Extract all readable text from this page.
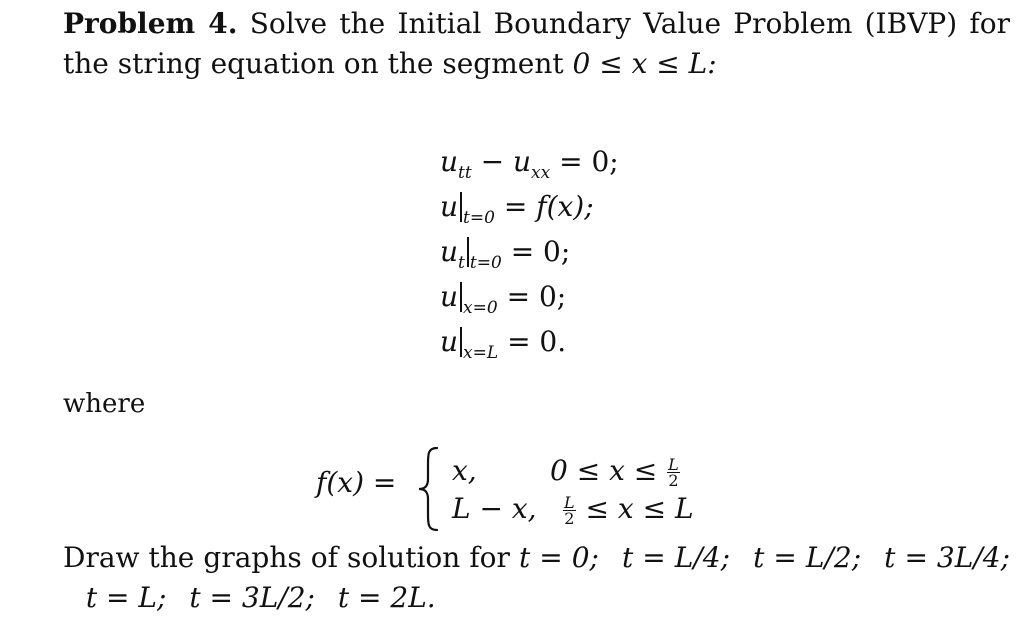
Problem 4. Solve the Initial Boundary Value Problem (IBVP) for the string equation on the segment 0 ≤ x ≤ L:
$u_{tt} - u_{xx} = 0$;
u $_{t=0}$ = f(x);
$u_t$ $_{t=0}$ = 0;
u $_{x=0}$ = 0;
u $_{x=L}$ = 0.
where
f(x) = x,	$0 \le x \le \frac{L}{2}$
L − x, $\frac{L}{2} \le x \le L$
Draw the graphs of solution for t = 0; t = L/4; t = L/2; t = 3L/4; t = L; t = 3L/2; t = 2L.
